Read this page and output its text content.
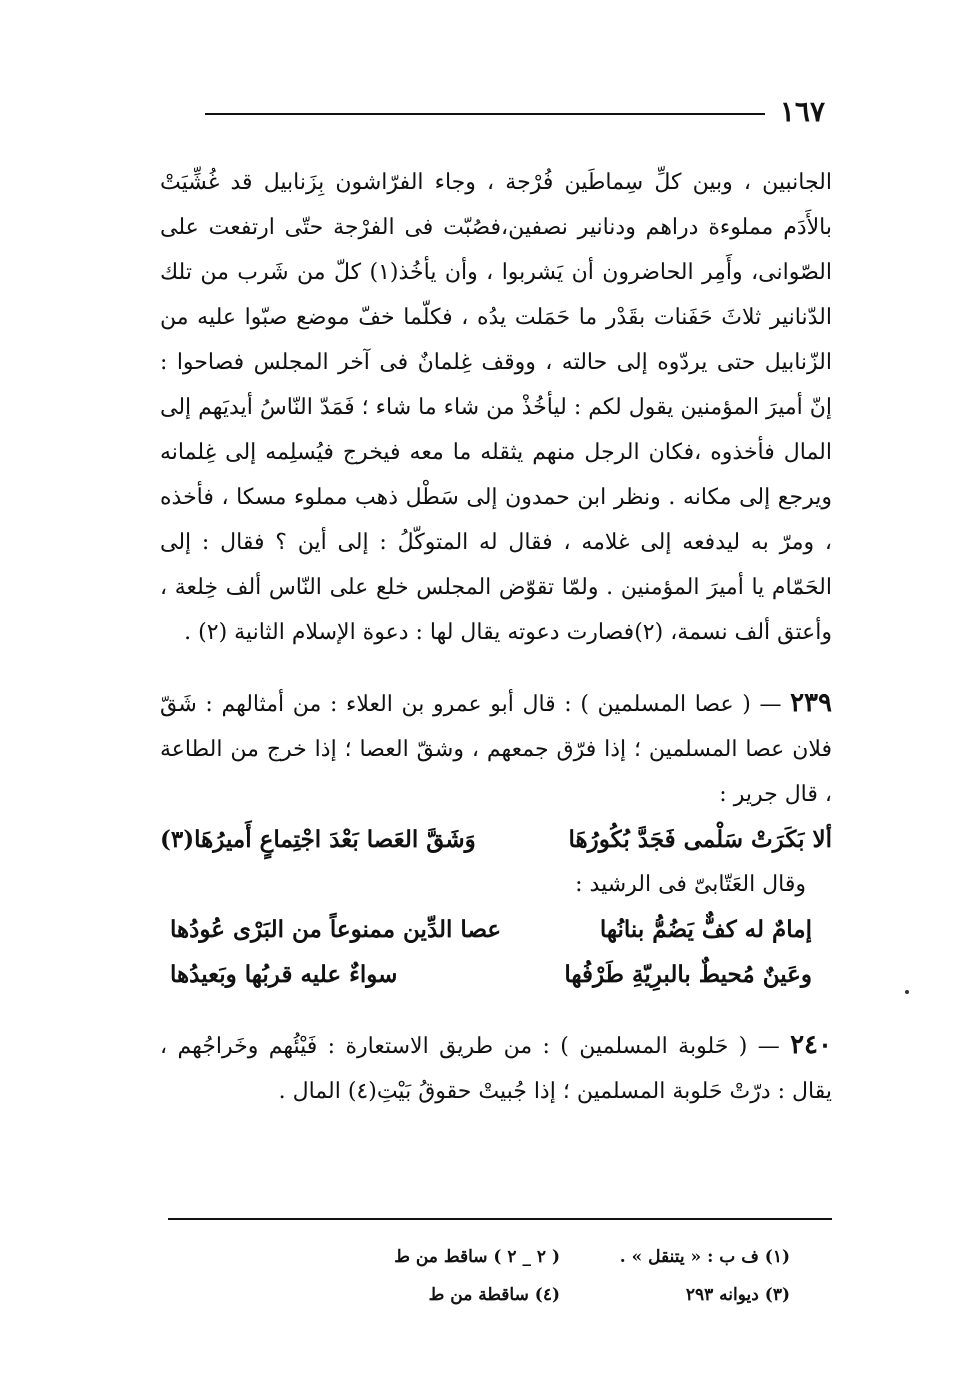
١٦٧

الجانبين ، وبين كلِّ سِماطَين فُرْجة ، وجاء الفرّاشون بِزَنابيل قد غُشِّيَتْ بالأَدَم مملوءة دراهم ودنانير نصفين،فصُبّت فى الفرْجة حتّى ارتفعت على الصّوانى، وأَمِر الحاضرون أن يَشربوا ، وأن يأخُذ(١) كلّ من شَرب من تلك الدّنانير ثلاثَ حَفَنات بقَدْر ما حَمَلت يدُه ، فكلّما خفّ موضع صبّوا عليه من الزّنابيل حتى يردّوه إلى حالته ، ووقف غِلمانٌ فى آخر المجلس فصاحوا : إنّ أميرَ المؤمنين يقول لكم : ليأخُذْ من شاء ما شاء ؛ فَمَدّ النّاسُ أيديَهم إلى المال فأخذوه ،فكان الرجل منهم يثقله ما معه فيخرج فيُسلِمه إلى غِلمانه ويرجع إلى مكانه . ونظر ابن حمدون إلى سَطْل ذهب مملوء مسكا ، فأخذه ، ومرّ به ليدفعه إلى غلامه ، فقال له المتوكّلُ : إلى أين ؟ فقال : إلى الحَمّام يا أميرَ المؤمنين . ولمّا تقوّض المجلس خلع على النّاس ألف خِلعة ، وأعتق ألف نسمة، (٢)فصارت دعوته يقال لها : دعوة الإسلام الثانية (٢) .

٢٣٩ — ( عصا المسلمين ) : قال أبو عمرو بن العلاء : من أمثالهم : شَقّ فلان عصا المسلمين ؛ إذا فرّق جمعهم ، وشقّ العصا ؛ إذا خرج من الطاعة ، قال جرير :

ألا بَكَرَتْ سَلْمى فَجَدَّ بُكُورُهَا
وَشَقَّ العَصا بَعْدَ اجْتِماعٍ أَميرُهَا(٣)

وقال العَتّابىّ فى الرشيد :

إمامٌ له كفٌّ يَضُمُّ بنانُها
عصا الدِّين ممنوعاً من البَرْى عُودُها
وعَينٌ مُحيطٌ بالبرِيّةِ طَرْفُها
سواءٌ عليه قربُها وبَعيدُها

٢٤٠ — ( حَلوبة المسلمين ) : من طريق الاستعارة : فَيْئُهم وخَراجُهم ، يقال : درّتْ حَلوبة المسلمين ؛ إذا جُبيتْ حقوقُ بَيْتِ(٤) المال .

(١) ف ب : « يتنقل » .
( ٢ _ ٢ ) ساقط من ط
(٣) ديوانه ٢٩٣
(٤) ساقطة من ط
